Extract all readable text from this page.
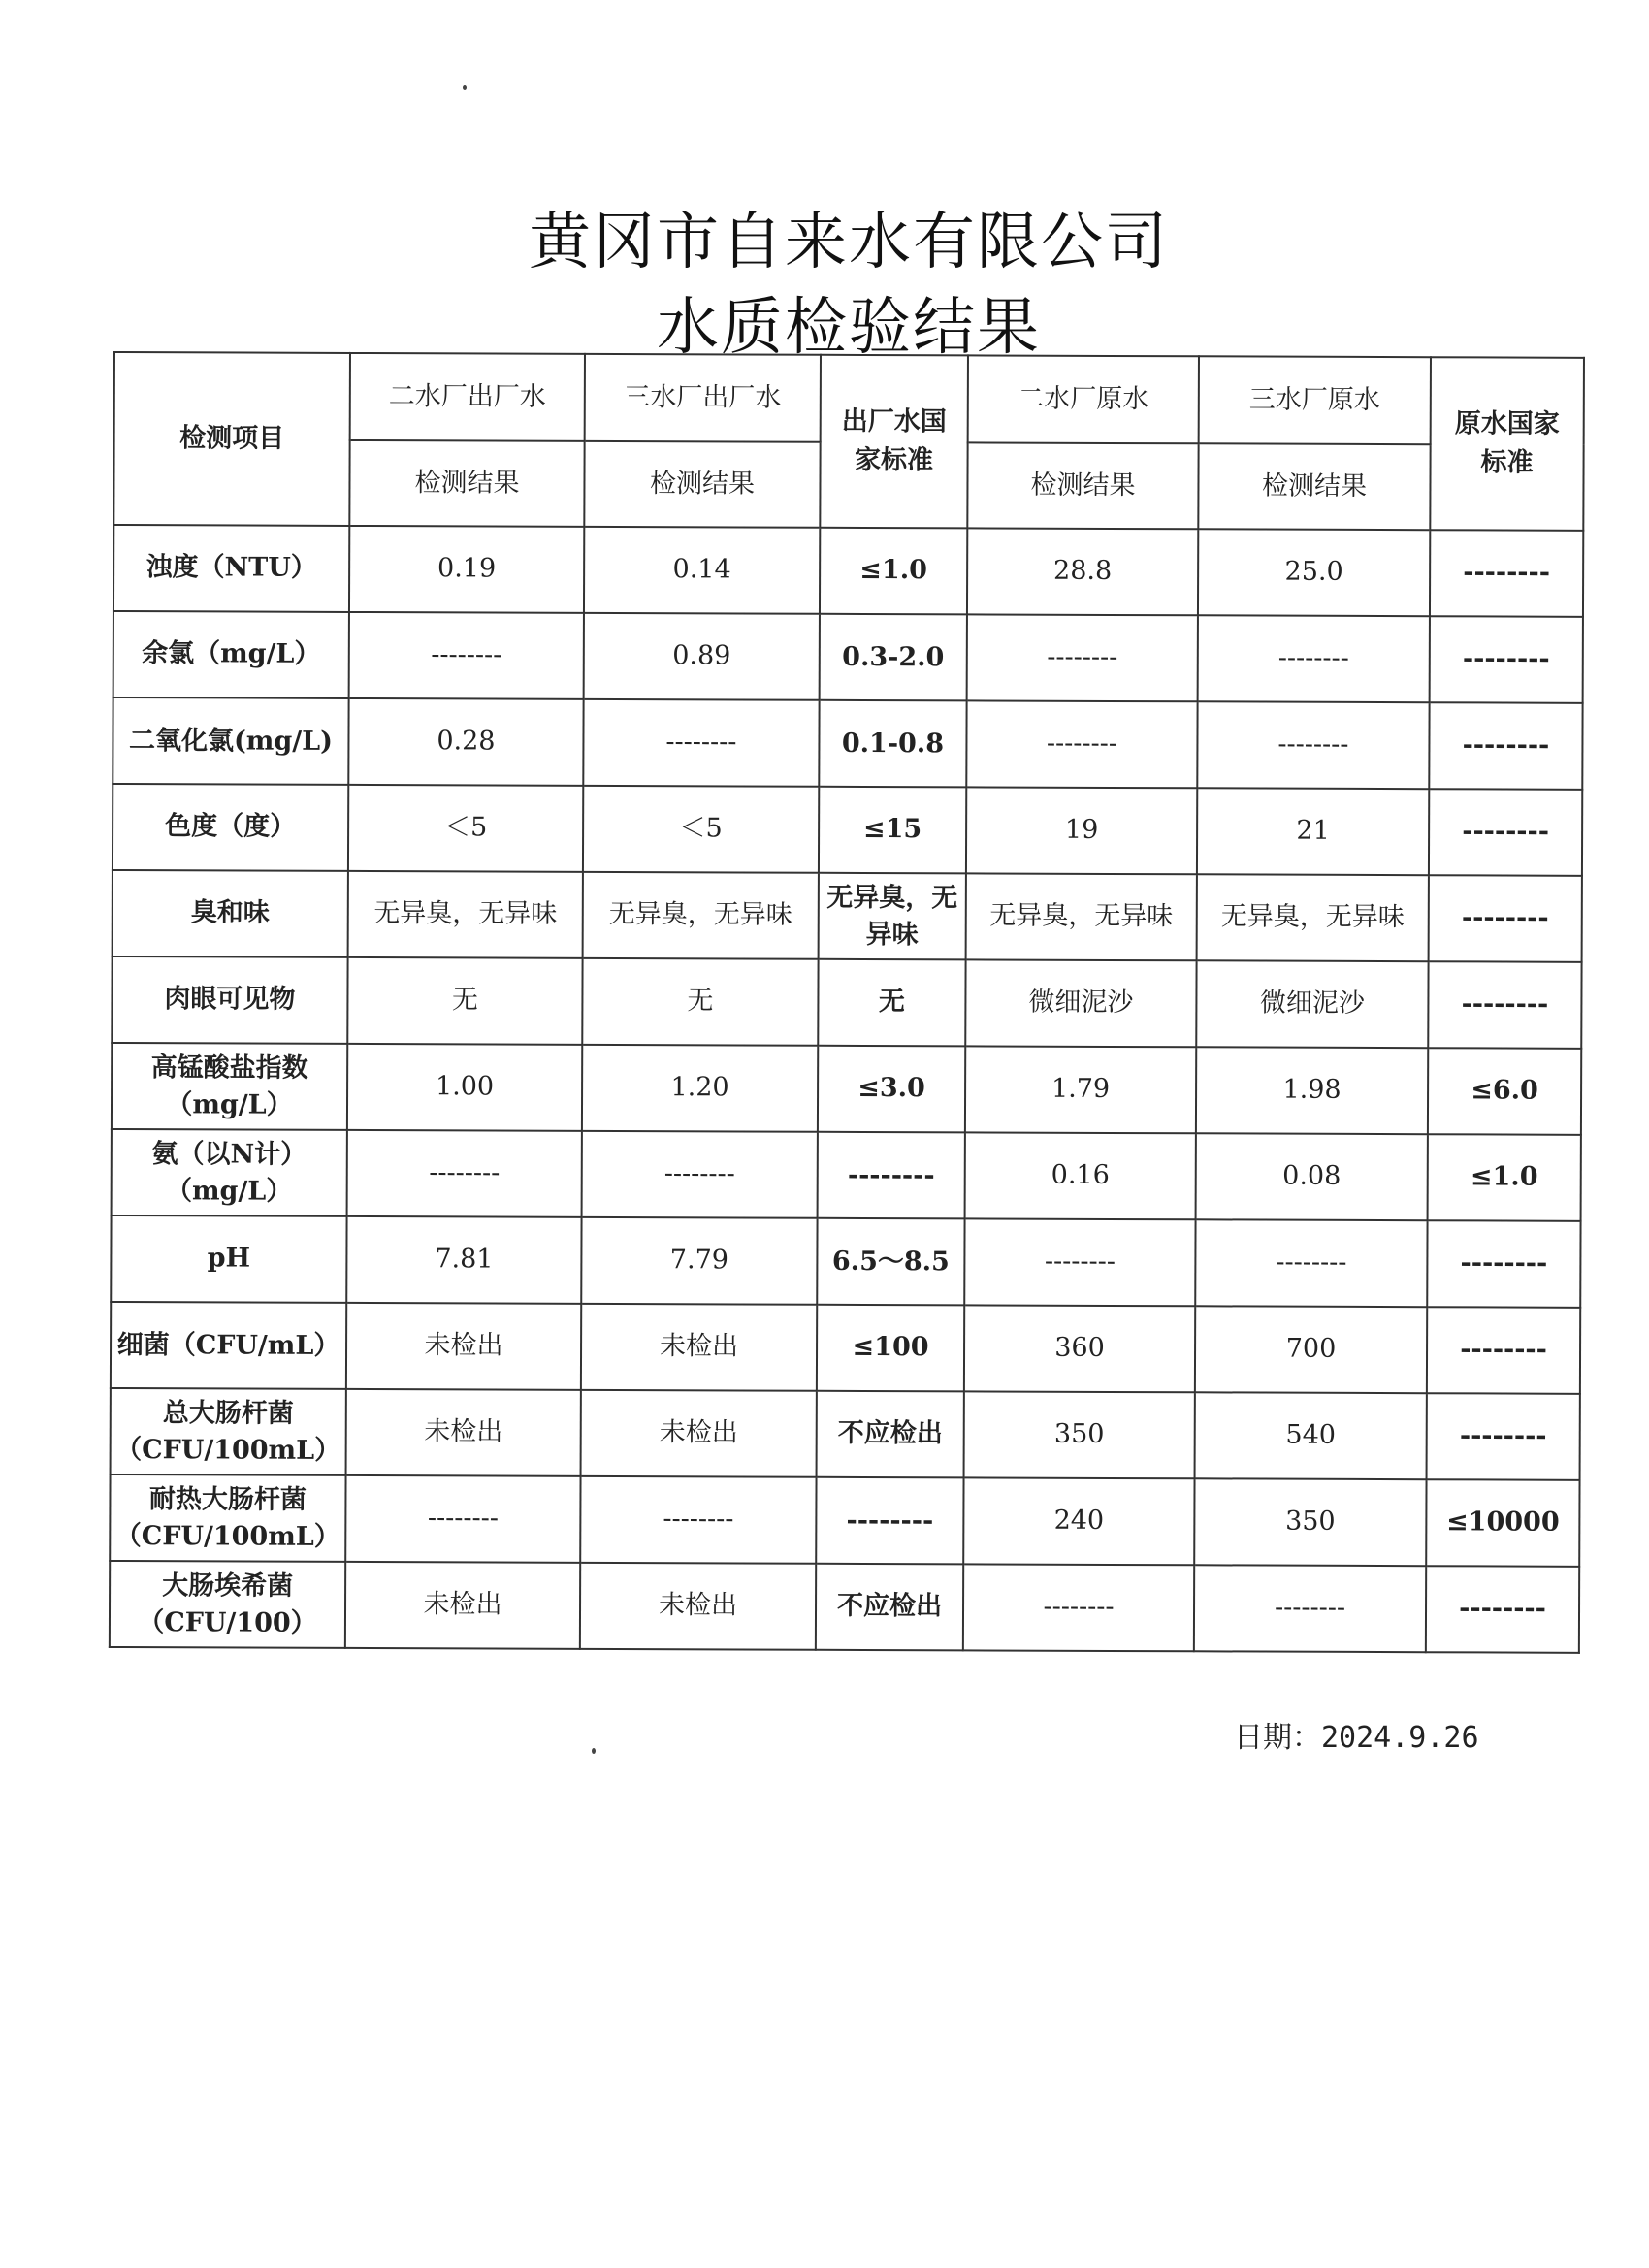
黄冈市自来水有限公司
水质检验结果
检测项目	二水厂出厂水	三水厂出厂水	出厂水国家标准	二水厂原水	三水厂原水	原水国家标准
	检测结果	检测结果		检测结果	检测结果	
浊度（NTU）	0.19	0.14	≤1.0	28.8	25.0	--------
余氯（mg/L）	--------	0.89	0.3-2.0	--------	--------	--------
二氧化氯(mg/L)	0.28	--------	0.1-0.8	--------	--------	--------
色度（度）	＜5	＜5	≤15	19	21	--------
臭和味	无异臭，无异味	无异臭，无异味	无异臭，无异味	无异臭，无异味	无异臭，无异味	--------
肉眼可见物	无	无	无	微细泥沙	微细泥沙	--------
高锰酸盐指数（mg/L）	1.00	1.20	≤3.0	1.79	1.98	≤6.0
氨（以N计）（mg/L）	--------	--------	--------	0.16	0.08	≤1.0
pH	7.81	7.79	6.5～8.5	--------	--------	--------
细菌（CFU/mL）	未检出	未检出	≤100	360	700	--------
总大肠杆菌（CFU/100mL）	未检出	未检出	不应检出	350	540	--------
耐热大肠杆菌（CFU/100mL）	--------	--------	--------	240	350	≤10000
大肠埃希菌（CFU/100）	未检出	未检出	不应检出	--------	--------	--------
日期：2024.9.26
